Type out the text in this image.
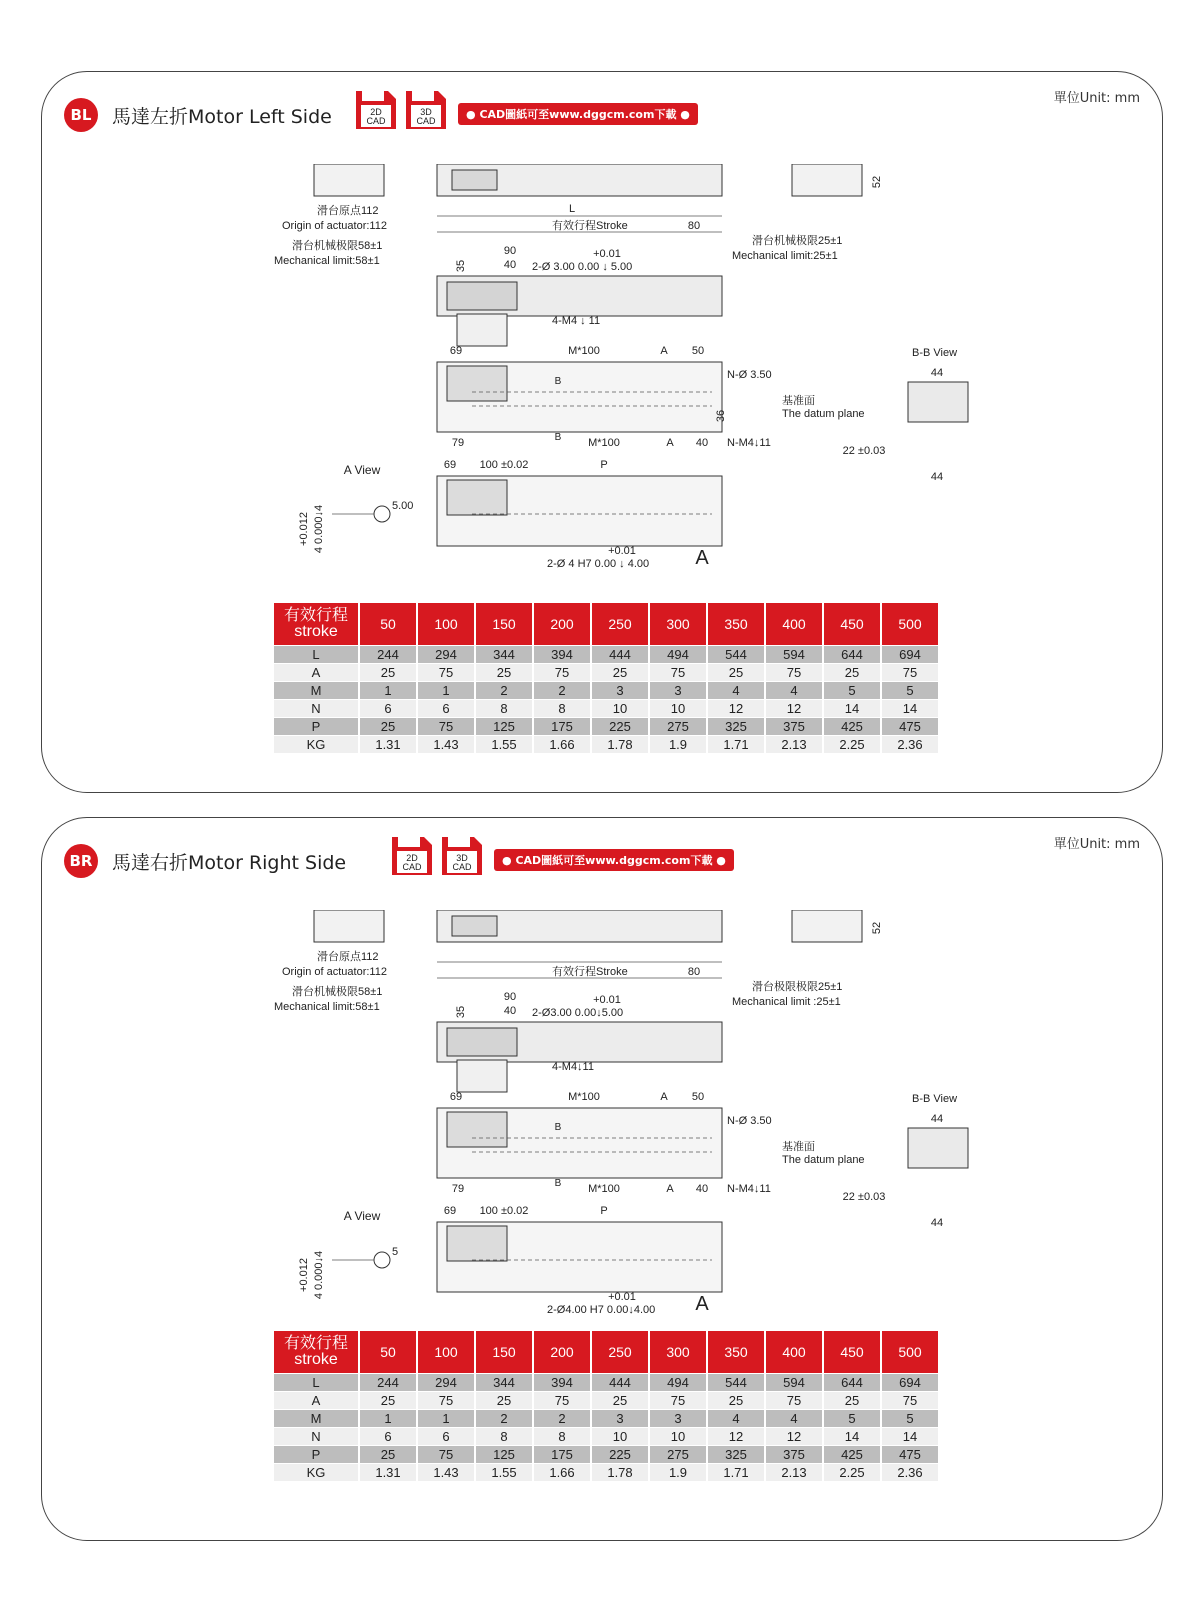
BL	馬達左折Motor Left Side	2D
CAD
3D
CAD
● CAD圖紙可至www.dggcm.com下載 ●
單位Unit: mm
52
L
滑台原点112
Origin of actuator:112	有效行程Stroke	80
滑台机械极限58±1
Mechanical limit:58±1
滑台机械极限25±1
Mechanical limit:25±1
90
40
35
+0.01
2-Ø 3.00 0.00 ↓ 5.00
4-M4 ↓ 11
69	M*100	A 50
B
B
N-Ø 3.50
基准面
The datum plane
36
79	M*100	A 40 N-M4↓11
B-B View
44
22 ±0.03
44
A View	69 100 ±0.02	P
5.00
+0.012 4 0.000↓4	+0.01
2-Ø 4 H7 0.00 ↓ 4.00 A
有效行程
stroke	50	100	150	200	250	300	350	400	450	500
L	244	294	344	394	444	494	544	594	644	694
A	25	75	25	75	25	75	25	75	25	75
M	1	1	2	2	3	3	4	4	5	5
N	6	6	8	8	10	10	12	12	14	14
P	25	75	125	175	225	275	325	375	425	475
KG	1.31	1.43	1.55	1.66	1.78	1.9	1.71	2.13	2.25	2.36
BR 馬達右折Motor Right Side	2D
CAD
3D
CAD
● CAD圖紙可至www.dggcm.com下載 ●
單位Unit: mm
52
滑台原点112
Origin of actuator:112	有效行程Stroke	80
滑台机械极限58±1
Mechanical limit:58±1
滑台极限极限25±1
Mechanical limit :25±1
90
40
35
+0.01
2-Ø3.00 0.00↓5.00
4-M4↓11
69	M*100	A 50
B
B
N-Ø 3.50
基准面
The datum plane
79	M*100	A 40 N-M4↓11
B-B View
44
22 ±0.03
44
A View	69 100 ±0.02	P
5
+0.012 4 0.000↓4	+0.01
2-Ø4.00 H7 0.00↓4.00 A
有效行程
stroke	50	100	150	200	250	300	350	400	450	500
L	244	294	344	394	444	494	544	594	644	694
A	25	75	25	75	25	75	25	75	25	75
M	1	1	2	2	3	3	4	4	5	5
N	6	6	8	8	10	10	12	12	14	14
P	25	75	125	175	225	275	325	375	425	475
KG	1.31	1.43	1.55	1.66	1.78	1.9	1.71	2.13	2.25	2.36
